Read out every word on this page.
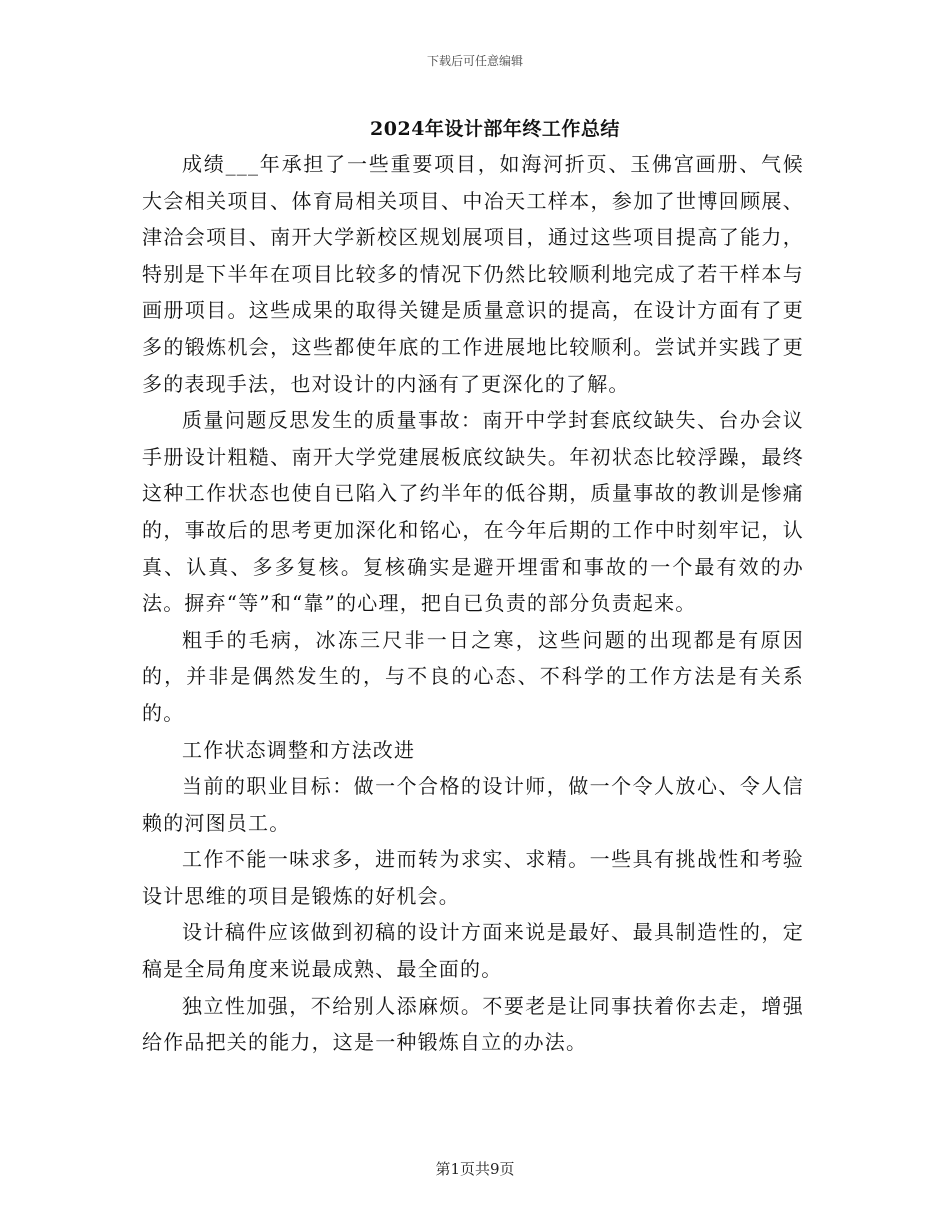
下载后可任意编辑
2024年设计部年终工作总结

成绩___年承担了一些重要项目，如海河折页、玉佛宫画册、气候大会相关项目、体育局相关项目、中冶天工样本，参加了世博回顾展、津洽会项目、南开大学新校区规划展项目，通过这些项目提高了能力，特别是下半年在项目比较多的情况下仍然比较顺利地完成了若干样本与画册项目。这些成果的取得关键是质量意识的提高，在设计方面有了更多的锻炼机会，这些都使年底的工作进展地比较顺利。尝试并实践了更多的表现手法，也对设计的内涵有了更深化的了解。

质量问题反思发生的质量事故：南开中学封套底纹缺失、台办会议手册设计粗糙、南开大学党建展板底纹缺失。年初状态比较浮躁，最终这种工作状态也使自已陷入了约半年的低谷期，质量事故的教训是惨痛的，事故后的思考更加深化和铭心，在今年后期的工作中时刻牢记，认真、认真、多多复核。复核确实是避开埋雷和事故的一个最有效的办法。摒弃“等”和“靠”的心理，把自已负责的部分负责起来。

粗手的毛病，冰冻三尺非一日之寒，这些问题的出现都是有原因的，并非是偶然发生的，与不良的心态、不科学的工作方法是有关系的。

工作状态调整和方法改进

当前的职业目标：做一个合格的设计师，做一个令人放心、令人信赖的河图员工。

工作不能一味求多，进而转为求实、求精。一些具有挑战性和考验设计思维的项目是锻炼的好机会。

设计稿件应该做到初稿的设计方面来说是最好、最具制造性的，定稿是全局角度来说最成熟、最全面的。

独立性加强，不给别人添麻烦。不要老是让同事扶着你去走，增强给作品把关的能力，这是一种锻炼自立的办法。

第1页共9页
